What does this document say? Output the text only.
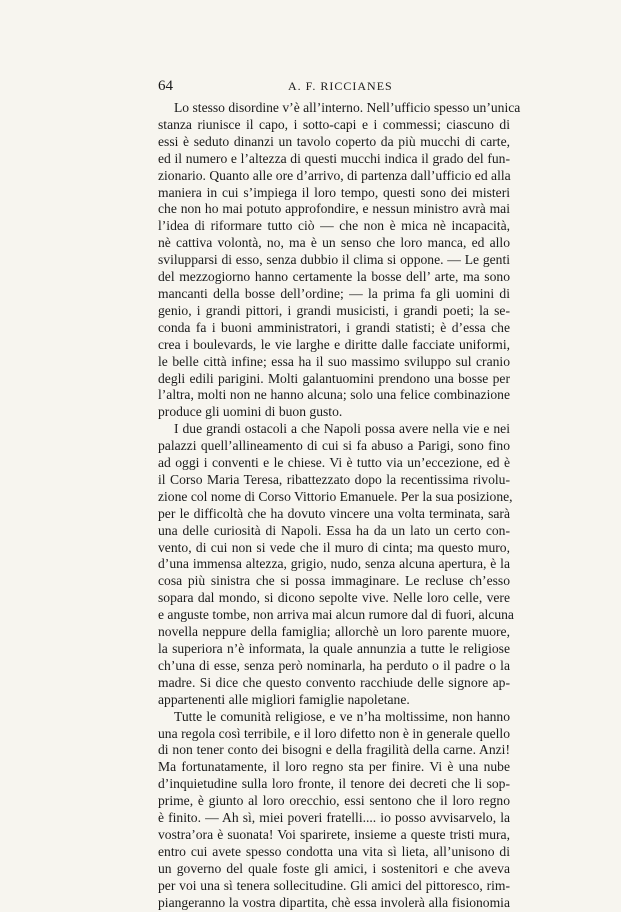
64	A. F. RICCIANES
Lo stesso disordine v’è all’interno. Nell’ufficio spesso un’unica
stanza riunisce il capo, i sotto-capi e i commessi; ciascuno di
essi è seduto dinanzi un tavolo coperto da più mucchi di carte,
ed il numero e l’altezza di questi mucchi indica il grado del fun-
zionario. Quanto alle ore d’arrivo, di partenza dall’ufficio ed alla
maniera in cui s’impiega il loro tempo, questi sono dei misteri
che non ho mai potuto approfondire, e nessun ministro avrà mai
l’idea di riformare tutto ciò — che non è mica nè incapacità,
nè cattiva volontà, no, ma è un senso che loro manca, ed allo
svilupparsi di esso, senza dubbio il clima si oppone. — Le genti
del mezzogiorno hanno certamente la bosse dell’ arte, ma sono
mancanti della bosse dell’ordine; — la prima fa gli uomini di
genio, i grandi pittori, i grandi musicisti, i grandi poeti; la se-
conda fa i buoni amministratori, i grandi statisti; è d’essa che
crea i boulevards, le vie larghe e diritte dalle facciate uniformi,
le belle città infine; essa ha il suo massimo sviluppo sul cranio
degli edili parigini. Molti galantuomini prendono una bosse per
l’altra, molti non ne hanno alcuna; solo una felice combinazione
produce gli uomini di buon gusto.
I due grandi ostacoli a che Napoli possa avere nella vie e nei
palazzi quell’allineamento di cui si fa abuso a Parigi, sono fino
ad oggi i conventi e le chiese. Vi è tutto via un’eccezione, ed è
il Corso Maria Teresa, ribattezzato dopo la recentissima rivolu-
zione col nome di Corso Vittorio Emanuele. Per la sua posizione,
per le difficoltà che ha dovuto vincere una volta terminata, sarà
una delle curiosità di Napoli. Essa ha da un lato un certo con-
vento, di cui non si vede che il muro di cinta; ma questo muro,
d’una immensa altezza, grigio, nudo, senza alcuna apertura, è la
cosa più sinistra che si possa immaginare. Le recluse ch’esso
sopara dal mondo, si dicono sepolte vive. Nelle loro celle, vere
e anguste tombe, non arriva mai alcun rumore dal di fuori, alcuna
novella neppure della famiglia; allorchè un loro parente muore,
la superiora n’è informata, la quale annunzia a tutte le religiose
ch’una di esse, senza però nominarla, ha perduto o il padre o la
madre. Si dice che questo convento racchiude delle signore ap-
appartenenti alle migliori famiglie napoletane.
Tutte le comunità religiose, e ve n’ha moltissime, non hanno
una regola così terribile, e il loro difetto non è in generale quello
di non tener conto dei bisogni e della fragilità della carne. Anzi!
Ma fortunatamente, il loro regno sta per finire. Vi è una nube
d’inquietudine sulla loro fronte, il tenore dei decreti che li sop-
prime, è giunto al loro orecchio, essi sentono che il loro regno
è finito. — Ah sì, miei poveri fratelli.... io posso avvisarvelo, la
vostra’ora è suonata! Voi sparirete, insieme a queste tristi mura,
entro cui avete spesso condotta una vita sì lieta, all’unisono di
un governo del quale foste gli amici, i sostenitori e che aveva
per voi una sì tenera sollecitudine. Gli amici del pittoresco, rim-
piangeranno la vostra dipartita, chè essa involerà alla fisionomia
